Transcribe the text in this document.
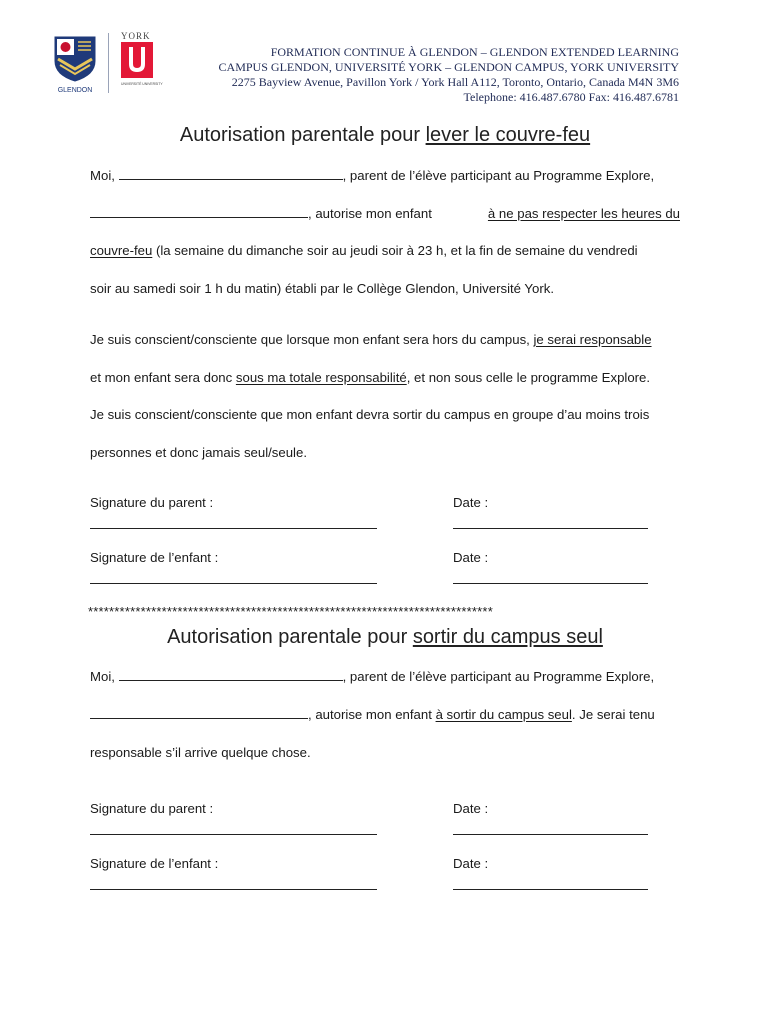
GLENDON
YORK
UNIVERSITÉ UNIVERSITY
FORMATION CONTINUE À GLENDON – GLENDON EXTENDED LEARNING
CAMPUS GLENDON, UNIVERSITÉ YORK – GLENDON CAMPUS, YORK UNIVERSITY
2275 Bayview Avenue, Pavillon York / York Hall A112, Toronto, Ontario, Canada M4N 3M6
Telephone: 416.487.6780 Fax: 416.487.6781
Autorisation parentale pour lever le couvre-feu
Moi,	, parent de l’élève participant au Programme Explore,
, autorise mon enfant	à ne pas respecter les heures du
couvre-feu (la semaine du dimanche soir au jeudi soir à 23 h, et la fin de semaine du vendredi
soir au samedi soir 1 h du matin) établi par le Collège Glendon, Université York.
Je suis conscient/consciente que lorsque mon enfant sera hors du campus, je serai responsable
et mon enfant sera donc sous ma totale responsabilité, et non sous celle le programme Explore.
Je suis conscient/consciente que mon enfant devra sortir du campus en groupe d’au moins trois
personnes et donc jamais seul/seule.
Signature du parent :	Date :
Signature de l’enfant :	Date :
*****************************************************************************
Autorisation parentale pour sortir du campus seul
Moi,	, parent de l’élève participant au Programme Explore,
, autorise mon enfant à sortir du campus seul. Je serai tenu
responsable s’il arrive quelque chose.
Signature du parent :	Date :
Signature de l’enfant :	Date :
